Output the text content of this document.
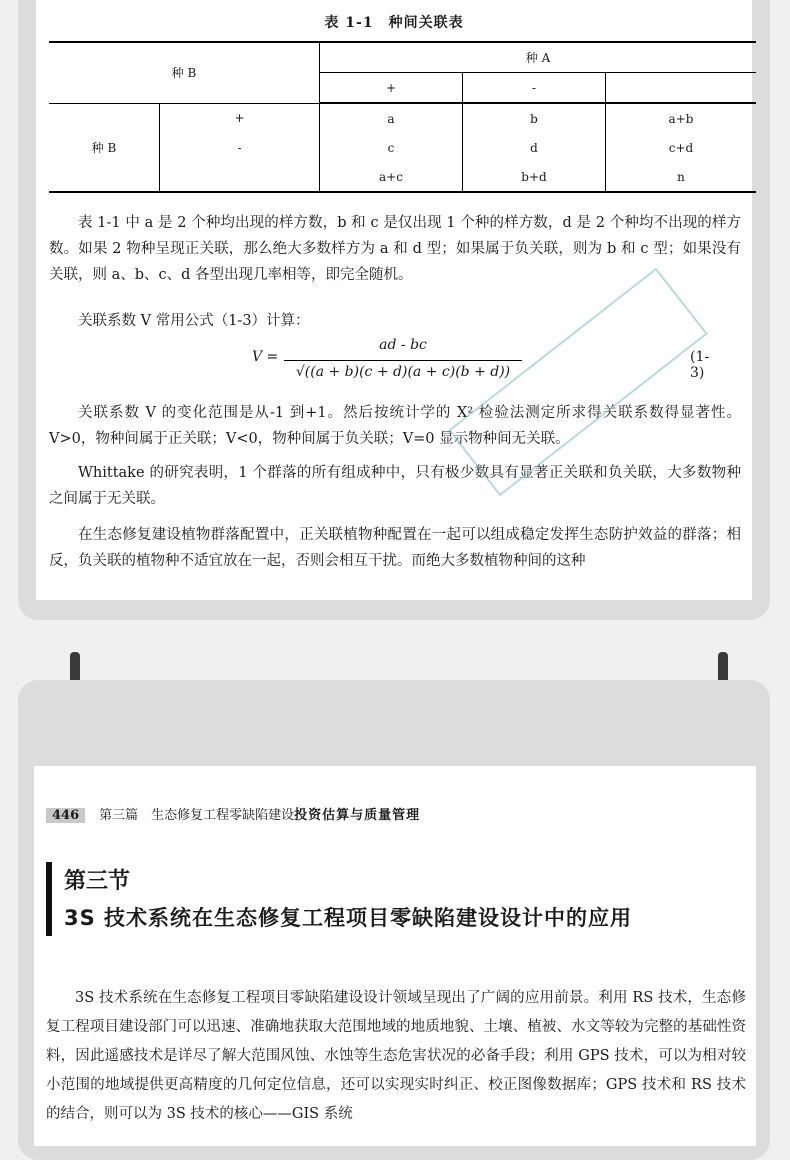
表 1-1　种间关联表
种 B		种 A		
		+	-	
种 B	+	a	b	a+b
	-	c	d	c+d
		a+c	b+d	n
表 1-1 中 a 是 2 个种均出现的样方数，b 和 c 是仅出现 1 个种的样方数，d 是 2 个种均不出现的样方数。如果 2 物种呈现正关联，那么绝大多数样方为 a 和 d 型；如果属于负关联，则为 b 和 c 型；如果没有关联，则 a、b、c、d 各型出现几率相等，即完全随机。
关联系数 V 常用公式（1-3）计算：
V =
ad - bc
√((a + b)(c + d)(a + c)(b + d))
(1-3)
关联系数 V 的变化范围是从-1 到+1。然后按统计学的 X² 检验法测定所求得关联系数得显著性。V>0，物种间属于正关联；V<0，物种间属于负关联；V=0 显示物种间无关联。
Whittake 的研究表明，1 个群落的所有组成种中，只有极少数具有显著正关联和负关联，大多数物种之间属于无关联。
在生态修复建设植物群落配置中，正关联植物种配置在一起可以组成稳定发挥生态防护效益的群落；相反，负关联的植物种不适宜放在一起，否则会相互干扰。而绝大多数植物种间的这种
446 第三篇　生态修复工程零缺陷建设投资估算与质量管理
第三节
3S 技术系统在生态修复工程项目零缺陷建设设计中的应用
3S 技术系统在生态修复工程项目零缺陷建设设计领域呈现出了广阔的应用前景。利用 RS 技术，生态修复工程项目建设部门可以迅速、准确地获取大范围地域的地质地貌、土壤、植被、水文等较为完整的基础性资料，因此遥感技术是详尽了解大范围风蚀、水蚀等生态危害状况的必备手段；利用 GPS 技术，可以为相对较小范围的地域提供更高精度的几何定位信息，还可以实现实时纠正、校正图像数据库；GPS 技术和 RS 技术的结合，则可以为 3S 技术的核心——GIS 系统
